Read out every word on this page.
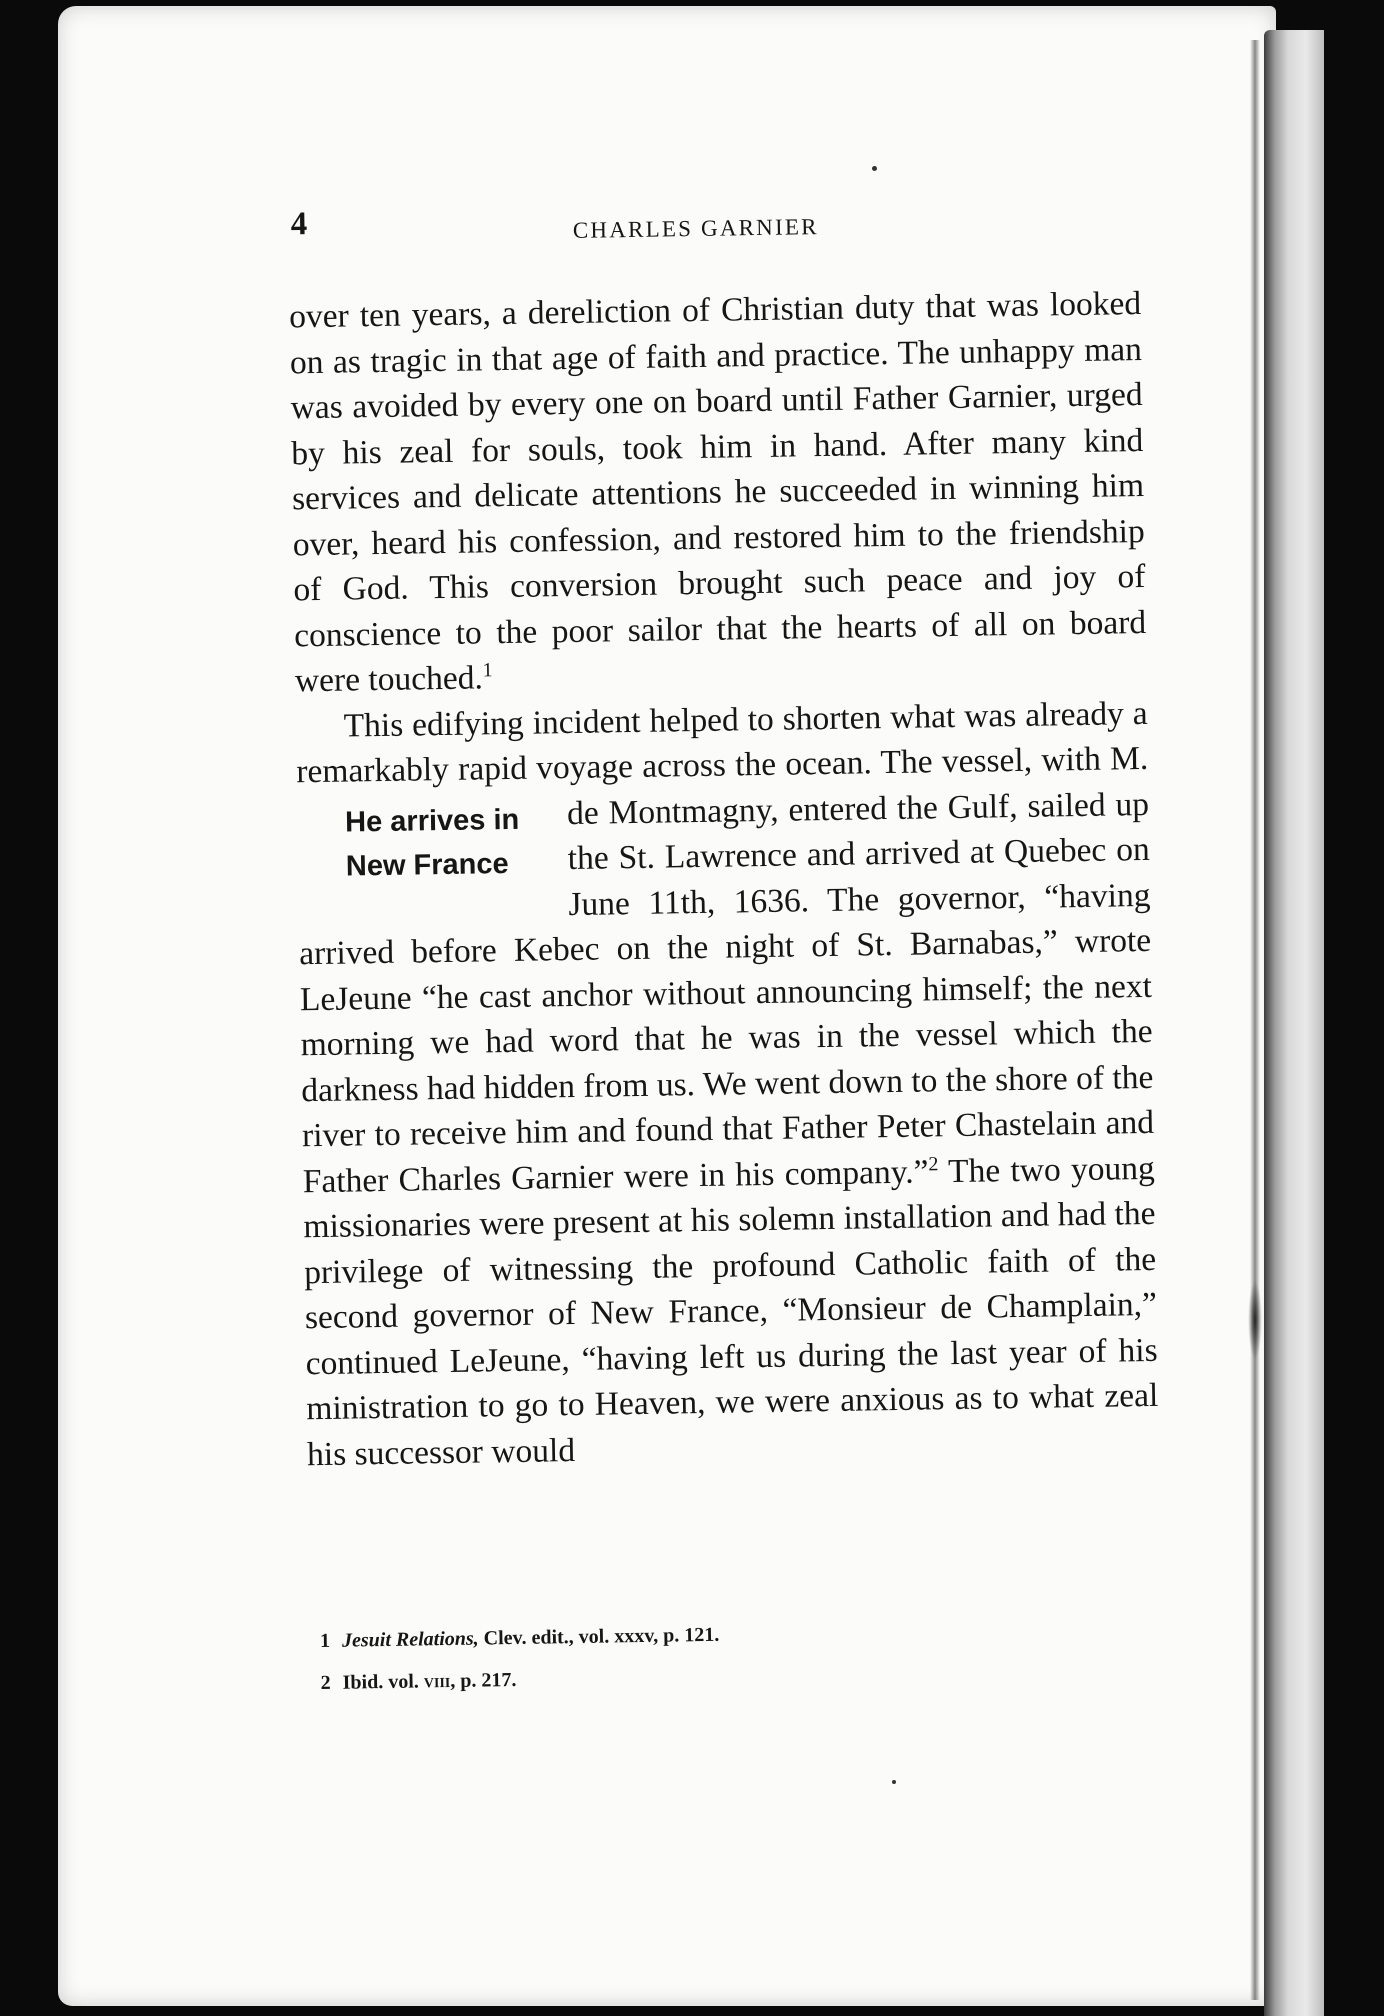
4	CHARLES GARNIER

over ten years, a dereliction of Christian duty that was looked on as tragic in that age of faith and practice. The unhappy man was avoided by every one on board until Father Garnier, urged by his zeal for souls, took him in hand. After many kind services and delicate attentions he succeeded in winning him over, heard his confession, and restored him to the friendship of God. This conversion brought such peace and joy of conscience to the poor sailor that the hearts of all on board were touched.$^1$

This edifying incident helped to shorten what was already a remarkably rapid voyage across the ocean. The vessel, with M. de Montmagny, entered the Gulf,
He arrives in
New France
sailed up the St. Lawrence and arrived at Quebec on June 11th, 1636. The governor, “having arrived before Kebec on the night of St. Barnabas,” wrote LeJeune “he cast anchor without announcing himself; the next morning we had word that he was in the vessel which the darkness had hidden from us. We went down to the shore of the river to receive him and found that Father Peter Chastelain and Father Charles Garnier were in his company.”$^2$ The two young missionaries were present at his solemn installation and had the privilege of witnessing the profound Catholic faith of the second governor of New France, “Monsieur de Champlain,” continued LeJeune, “having left us during the last year of his ministration to go to Heaven, we were anxious as to what zeal his successor would

1 Jesuit Relations, Clev. edit., vol. xxxv, p. 121.
2 Ibid. vol. viii, p. 217.
